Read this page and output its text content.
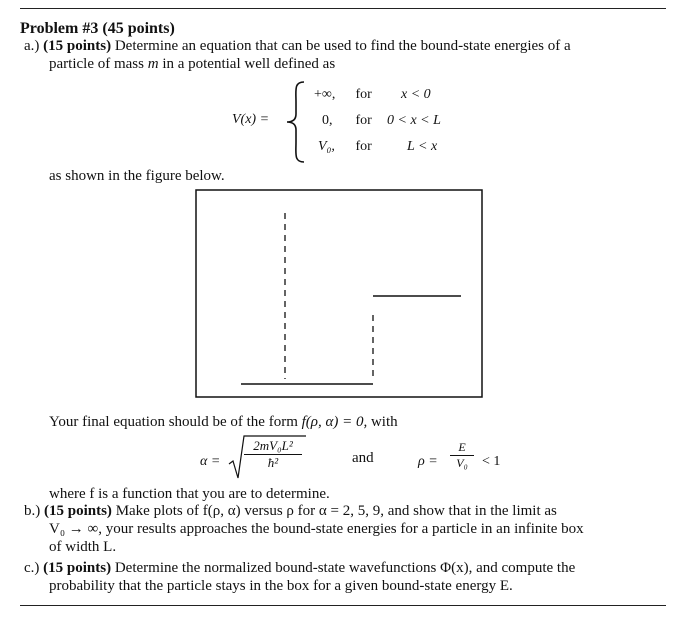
Problem #3 (45 points)
a.) (15 points) Determine an equation that can be used to find the bound-state energies of a
particle of mass m in a potential well defined as
V(x) =
+∞, for x < 0
0, for 0 < x < L
V₀, for	L < x
as shown in the figure below.
Your final equation should be of the form f(ρ, α) = 0, with
$\alpha = \frac{\text{2mV₀L²}}{\text{ħ²}}$	and	$\rho = \frac{E}{\text{V₀}} < 1$
where f is a function that you are to determine.
b.) (15 points) Make plots of f(ρ, α) versus ρ for α = 2, 5, 9, and show that in the limit as
V₀ → ∞, your results approaches the bound-state energies for a particle in an infinite box
of width L.
c.) (15 points) Determine the normalized bound-state wavefunctions Φ(x), and compute the
probability that the particle stays in the box for a given bound-state energy E.
